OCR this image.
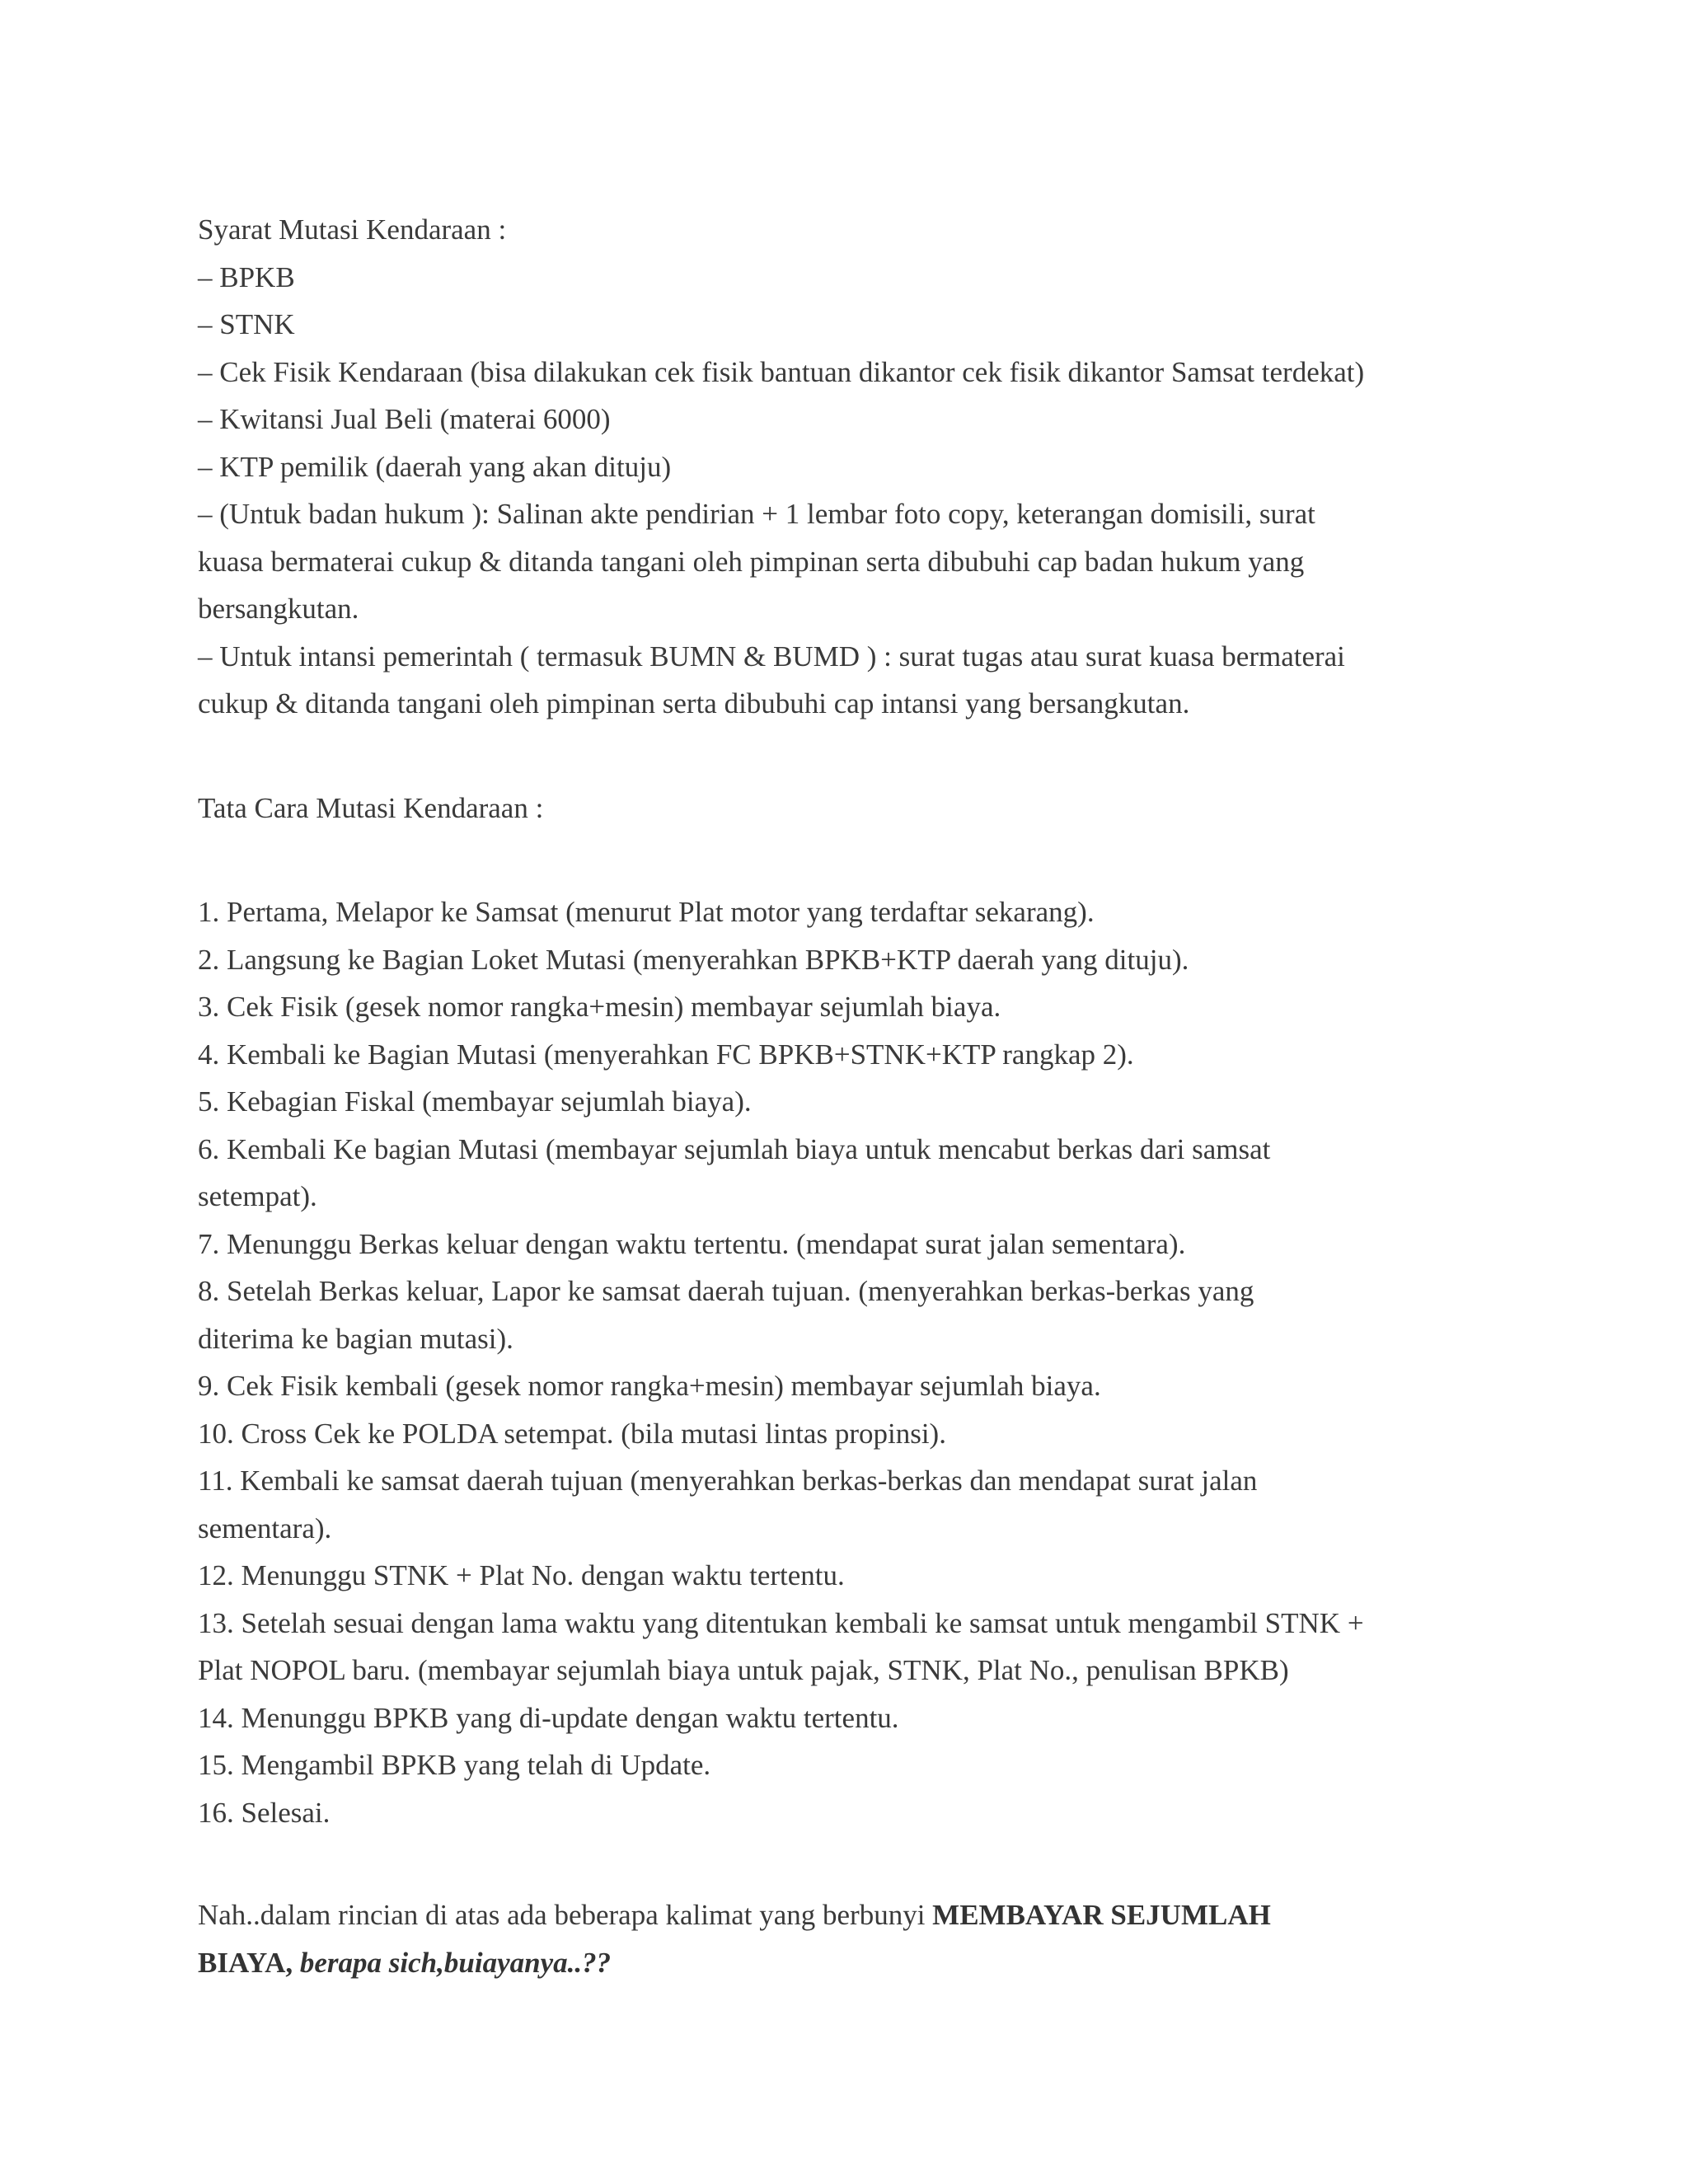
Syarat Mutasi Kendaraan :
– BPKB
– STNK
– Cek Fisik Kendaraan (bisa dilakukan cek fisik bantuan dikantor cek fisik dikantor Samsat terdekat)
– Kwitansi Jual Beli (materai 6000)
– KTP pemilik (daerah yang akan dituju)
– (Untuk badan hukum ): Salinan akte pendirian + 1 lembar foto copy, keterangan domisili, surat
kuasa bermaterai cukup & ditanda tangani oleh pimpinan serta dibubuhi cap badan hukum yang
bersangkutan.
– Untuk intansi pemerintah ( termasuk BUMN & BUMD ) : surat tugas atau surat kuasa bermaterai
cukup & ditanda tangani oleh pimpinan serta dibubuhi cap intansi yang bersangkutan.
Tata Cara Mutasi Kendaraan :
1. Pertama, Melapor ke Samsat (menurut Plat motor yang terdaftar sekarang).
2. Langsung ke Bagian Loket Mutasi (menyerahkan BPKB+KTP daerah yang dituju).
3. Cek Fisik (gesek nomor rangka+mesin) membayar sejumlah biaya.
4. Kembali ke Bagian Mutasi (menyerahkan FC BPKB+STNK+KTP rangkap 2).
5. Kebagian Fiskal (membayar sejumlah biaya).
6. Kembali Ke bagian Mutasi (membayar sejumlah biaya untuk mencabut berkas dari samsat
setempat).
7. Menunggu Berkas keluar dengan waktu tertentu. (mendapat surat jalan sementara).
8. Setelah Berkas keluar, Lapor ke samsat daerah tujuan. (menyerahkan berkas-berkas yang
diterima ke bagian mutasi).
9. Cek Fisik kembali (gesek nomor rangka+mesin) membayar sejumlah biaya.
10. Cross Cek ke POLDA setempat. (bila mutasi lintas propinsi).
11. Kembali ke samsat daerah tujuan (menyerahkan berkas-berkas dan mendapat surat jalan
sementara).
12. Menunggu STNK + Plat No. dengan waktu tertentu.
13. Setelah sesuai dengan lama waktu yang ditentukan kembali ke samsat untuk mengambil STNK +
Plat NOPOL baru. (membayar sejumlah biaya untuk pajak, STNK, Plat No., penulisan BPKB)
14. Menunggu BPKB yang di-update dengan waktu tertentu.
15. Mengambil BPKB yang telah di Update.
16. Selesai.
Nah..dalam rincian di atas ada beberapa kalimat yang berbunyi MEMBAYAR SEJUMLAH
BIAYA, berapa sich,buiayanya..??
